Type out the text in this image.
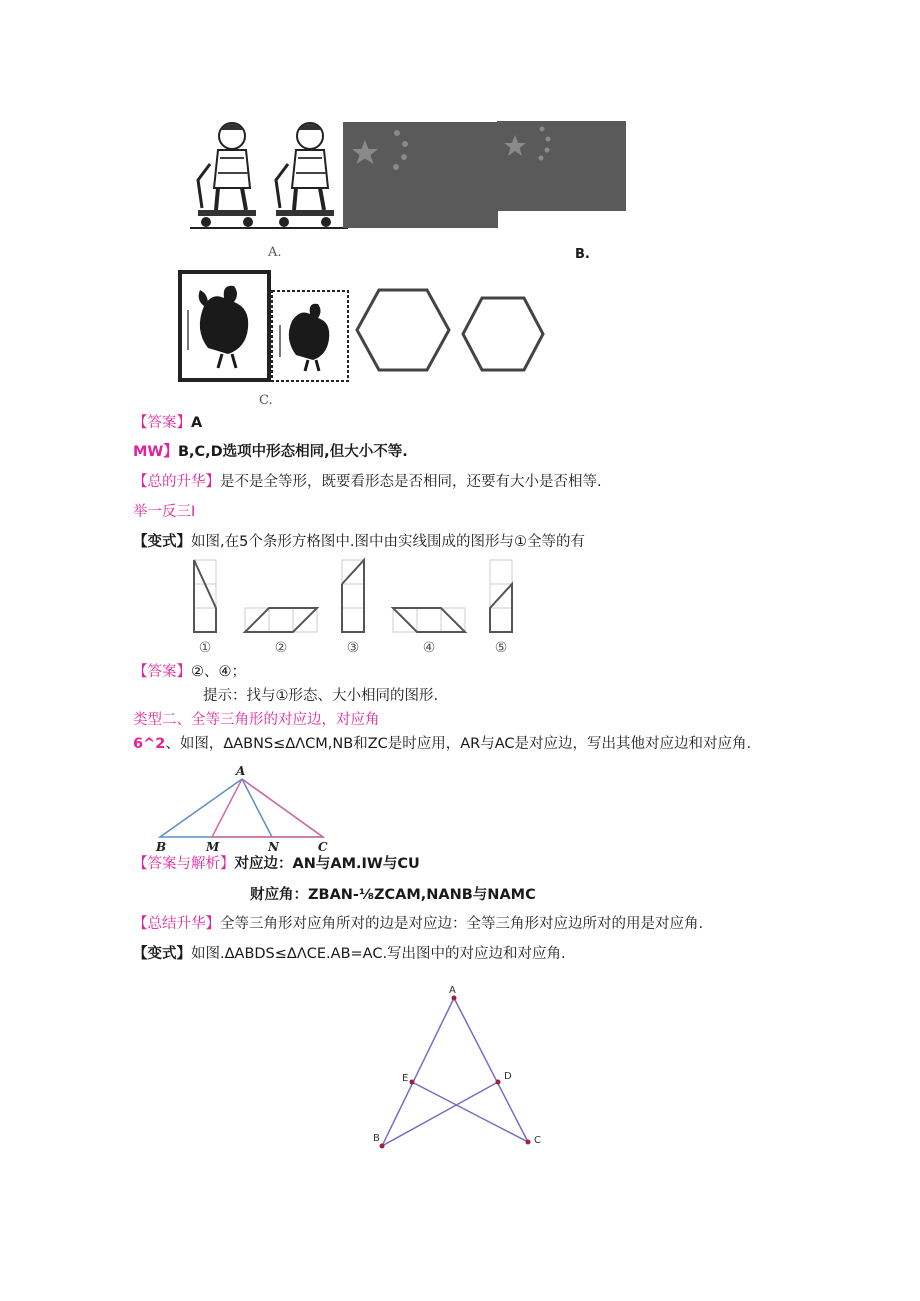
A.	B.
C.
【答案】A
MW】B,C,D选项中形态相同,但大小不等.
【总的升华】是不是全等形，既要看形态是否相同，还要有大小是否相等.
举一反三I
【变式】如图,在5个条形方格图中.图中由实线围成的图形与①全等的有
①	②	③	④	⑤
【答案】②、④；
提示：找与①形态、大小相同的图形.
类型二、全等三角形的对应边，对应角
6^2、如图，ΔABNS≤ΔΛCM,NB和ZC是时应用，AR与AC是对应边，写出其他对应边和对应角.
A
B	M	N	C
【答案与解析】对应边：AN与AM.IW与CU
财应角：ZBAN-⅛ZCAM,NANB与NAMC
【总结升华】全等三角形对应角所对的边是对应边：全等三角形对应边所对的用是对应角.
【变式】如图.ΔABDS≤ΔΛCE.AB=AC.写出图中的对应边和对应角.
A
E	D
B	C
